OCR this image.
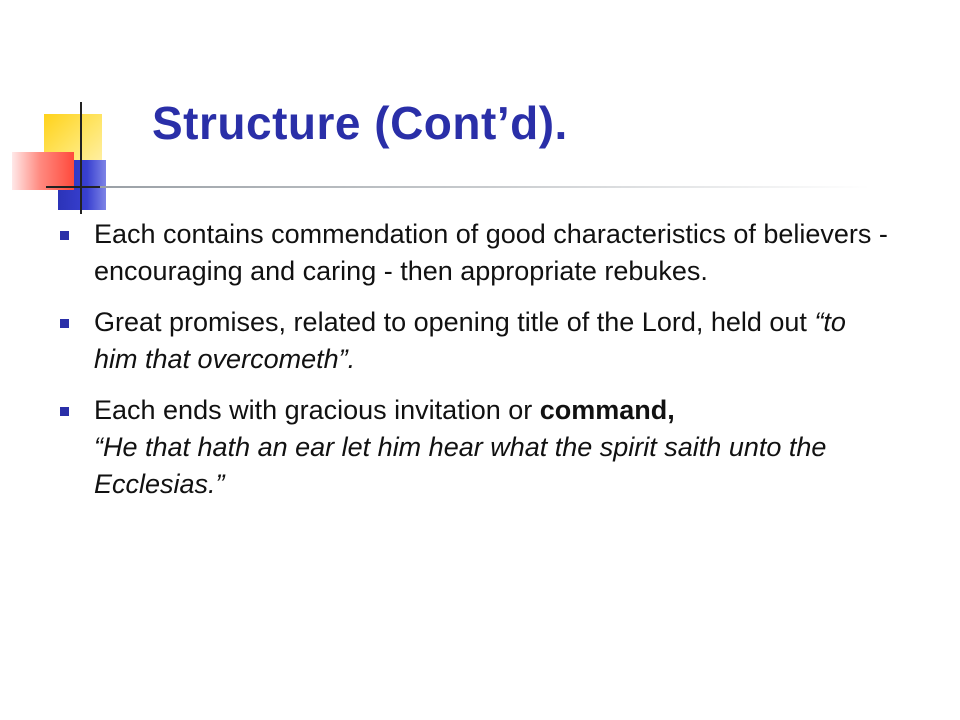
Structure (Cont’d).
Each contains commendation of good characteristics of believers - encouraging and caring - then appropriate rebukes.
Great promises, related to opening title of the Lord, held out “to him that overcometh”.
Each ends with gracious invitation or command,
“He that hath an ear let him hear what the spirit saith unto the Ecclesias.”
